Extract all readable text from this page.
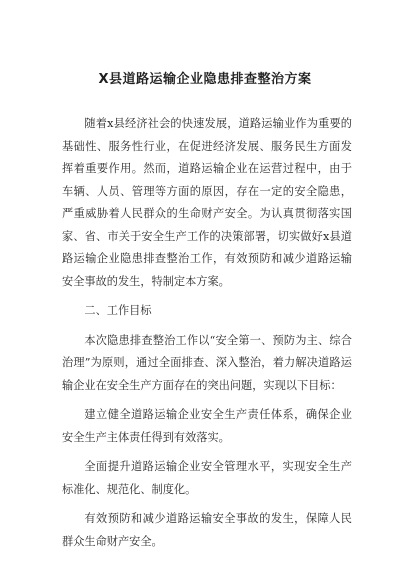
X县道路运输企业隐患排查整治方案

随着x县经济社会的快速发展，道路运输业作为重要的基础性、服务性行业，在促进经济发展、服务民生方面发挥着重要作用。然而，道路运输企业在运营过程中，由于车辆、人员、管理等方面的原因，存在一定的安全隐患，严重威胁着人民群众的生命财产安全。为认真贯彻落实国家、省、市关于安全生产工作的决策部署，切实做好x县道路运输企业隐患排查整治工作，有效预防和减少道路运输安全事故的发生，特制定本方案。

二、工作目标

本次隐患排查整治工作以“安全第一、预防为主、综合治理”为原则，通过全面排查、深入整治，着力解决道路运输企业在安全生产方面存在的突出问题，实现以下目标：

建立健全道路运输企业安全生产责任体系，确保企业安全生产主体责任得到有效落实。

全面提升道路运输企业安全管理水平，实现安全生产标准化、规范化、制度化。

有效预防和减少道路运输安全事故的发生，保障人民群众生命财产安全。
